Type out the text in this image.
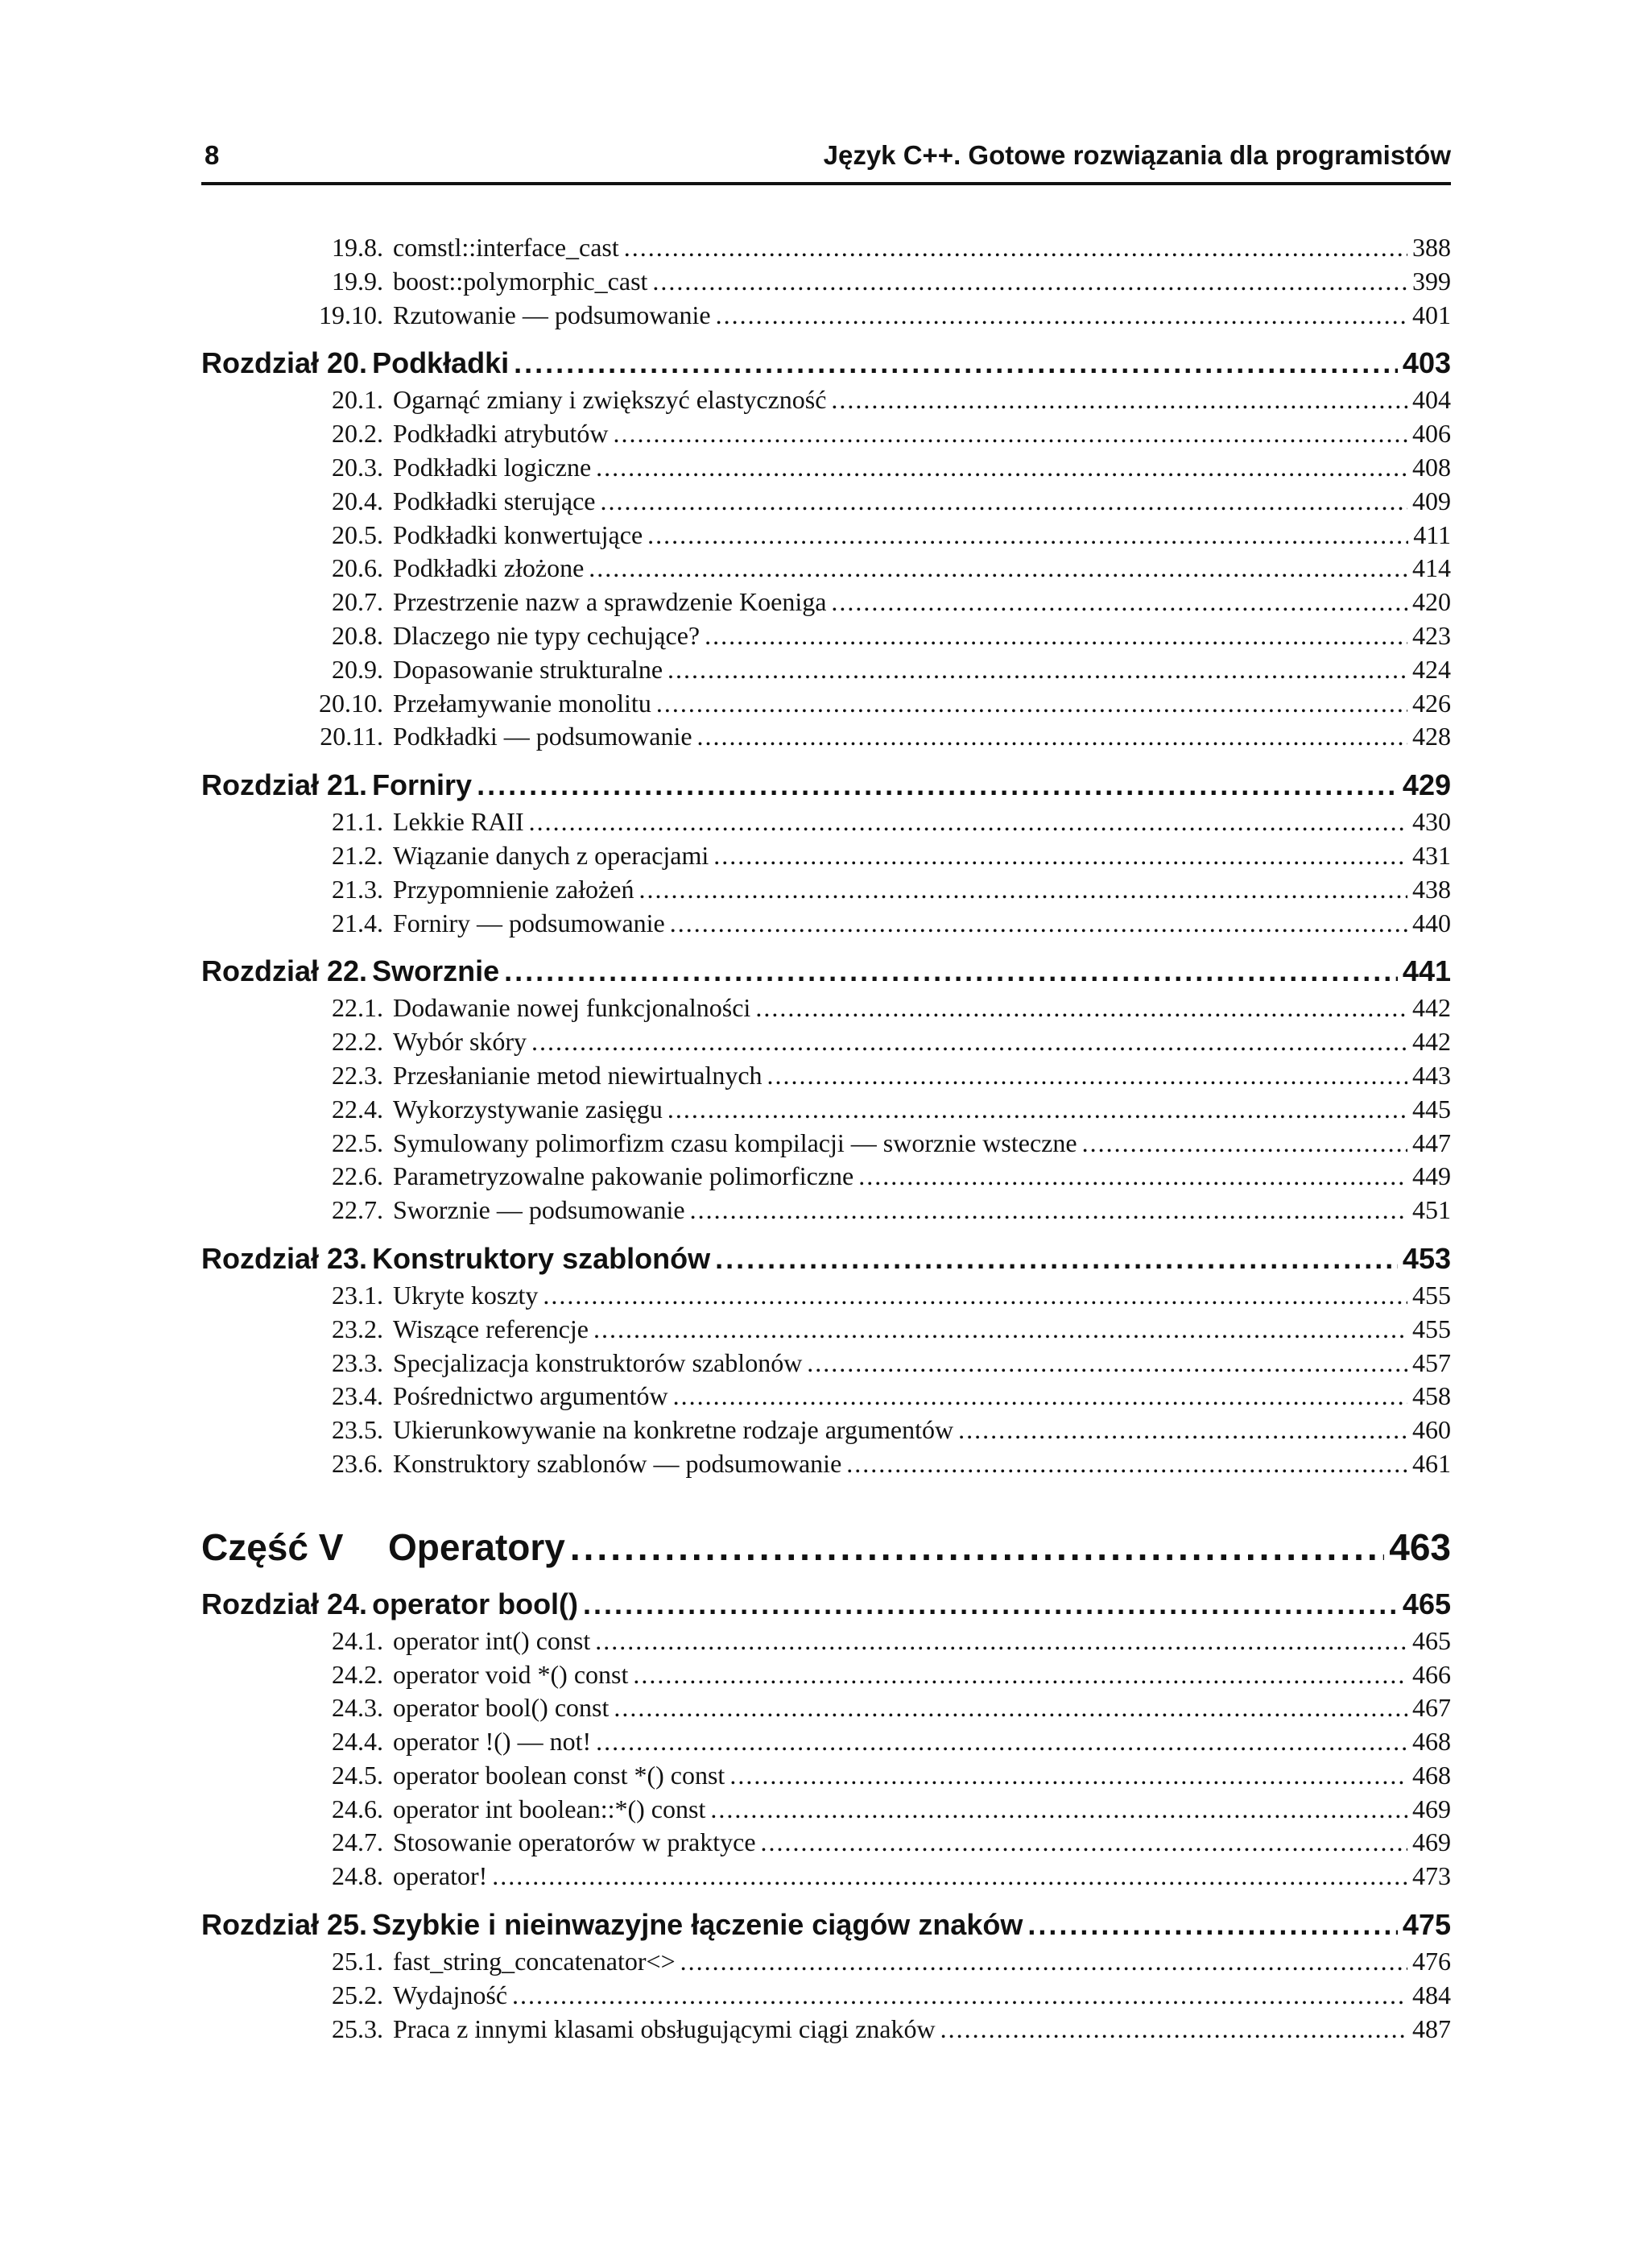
8	Język C++. Gotowe rozwiązania dla programistów
19.8. comstl::interface_cast .....	388
19.9. boost::polymorphic_cast .....	399
19.10. Rzutowanie — podsumowanie .....	401
Rozdział 20. Podkładki .....	403
20.1. Ogarnąć zmiany i zwiększyć elastyczność .....	404
20.2. Podkładki atrybutów .....	406
20.3. Podkładki logiczne .....	408
20.4. Podkładki sterujące .....	409
20.5. Podkładki konwertujące .....	411
20.6. Podkładki złożone .....	414
20.7. Przestrzenie nazw a sprawdzenie Koeniga .....	420
20.8. Dlaczego nie typy cechujące? .....	423
20.9. Dopasowanie strukturalne .....	424
20.10. Przełamywanie monolitu .....	426
20.11. Podkładki — podsumowanie .....	428
Rozdział 21. Forniry .....	429
21.1. Lekkie RAII .....	430
21.2. Wiązanie danych z operacjami .....	431
21.3. Przypomnienie założeń .....	438
21.4. Forniry — podsumowanie .....	440
Rozdział 22. Sworznie .....	441
22.1. Dodawanie nowej funkcjonalności .....	442
22.2. Wybór skóry .....	442
22.3. Przesłanianie metod niewirtualnych .....	443
22.4. Wykorzystywanie zasięgu .....	445
22.5. Symulowany polimorfizm czasu kompilacji — sworznie wsteczne .....	447
22.6. Parametryzowalne pakowanie polimorficzne .....	449
22.7. Sworznie — podsumowanie .....	451
Rozdział 23. Konstruktory szablonów .....	453
23.1. Ukryte koszty .....	455
23.2. Wiszące referencje .....	455
23.3. Specjalizacja konstruktorów szablonów .....	457
23.4. Pośrednictwo argumentów .....	458
23.5. Ukierunkowywanie na konkretne rodzaje argumentów .....	460
23.6. Konstruktory szablonów — podsumowanie .....	461
Część V	Operatory .....	463
Rozdział 24. operator bool() .....	465
24.1. operator int() const .....	465
24.2. operator void *() const .....	466
24.3. operator bool() const .....	467
24.4. operator !() — not! .....	468
24.5. operator boolean const *() const .....	468
24.6. operator int boolean::*() const .....	469
24.7. Stosowanie operatorów w praktyce .....	469
24.8. operator! .....	473
Rozdział 25. Szybkie i nieinwazyjne łączenie ciągów znaków .....	475
25.1. fast_string_concatenator<> .....	476
25.2. Wydajność .....	484
25.3. Praca z innymi klasami obsługującymi ciągi znaków .....	487
